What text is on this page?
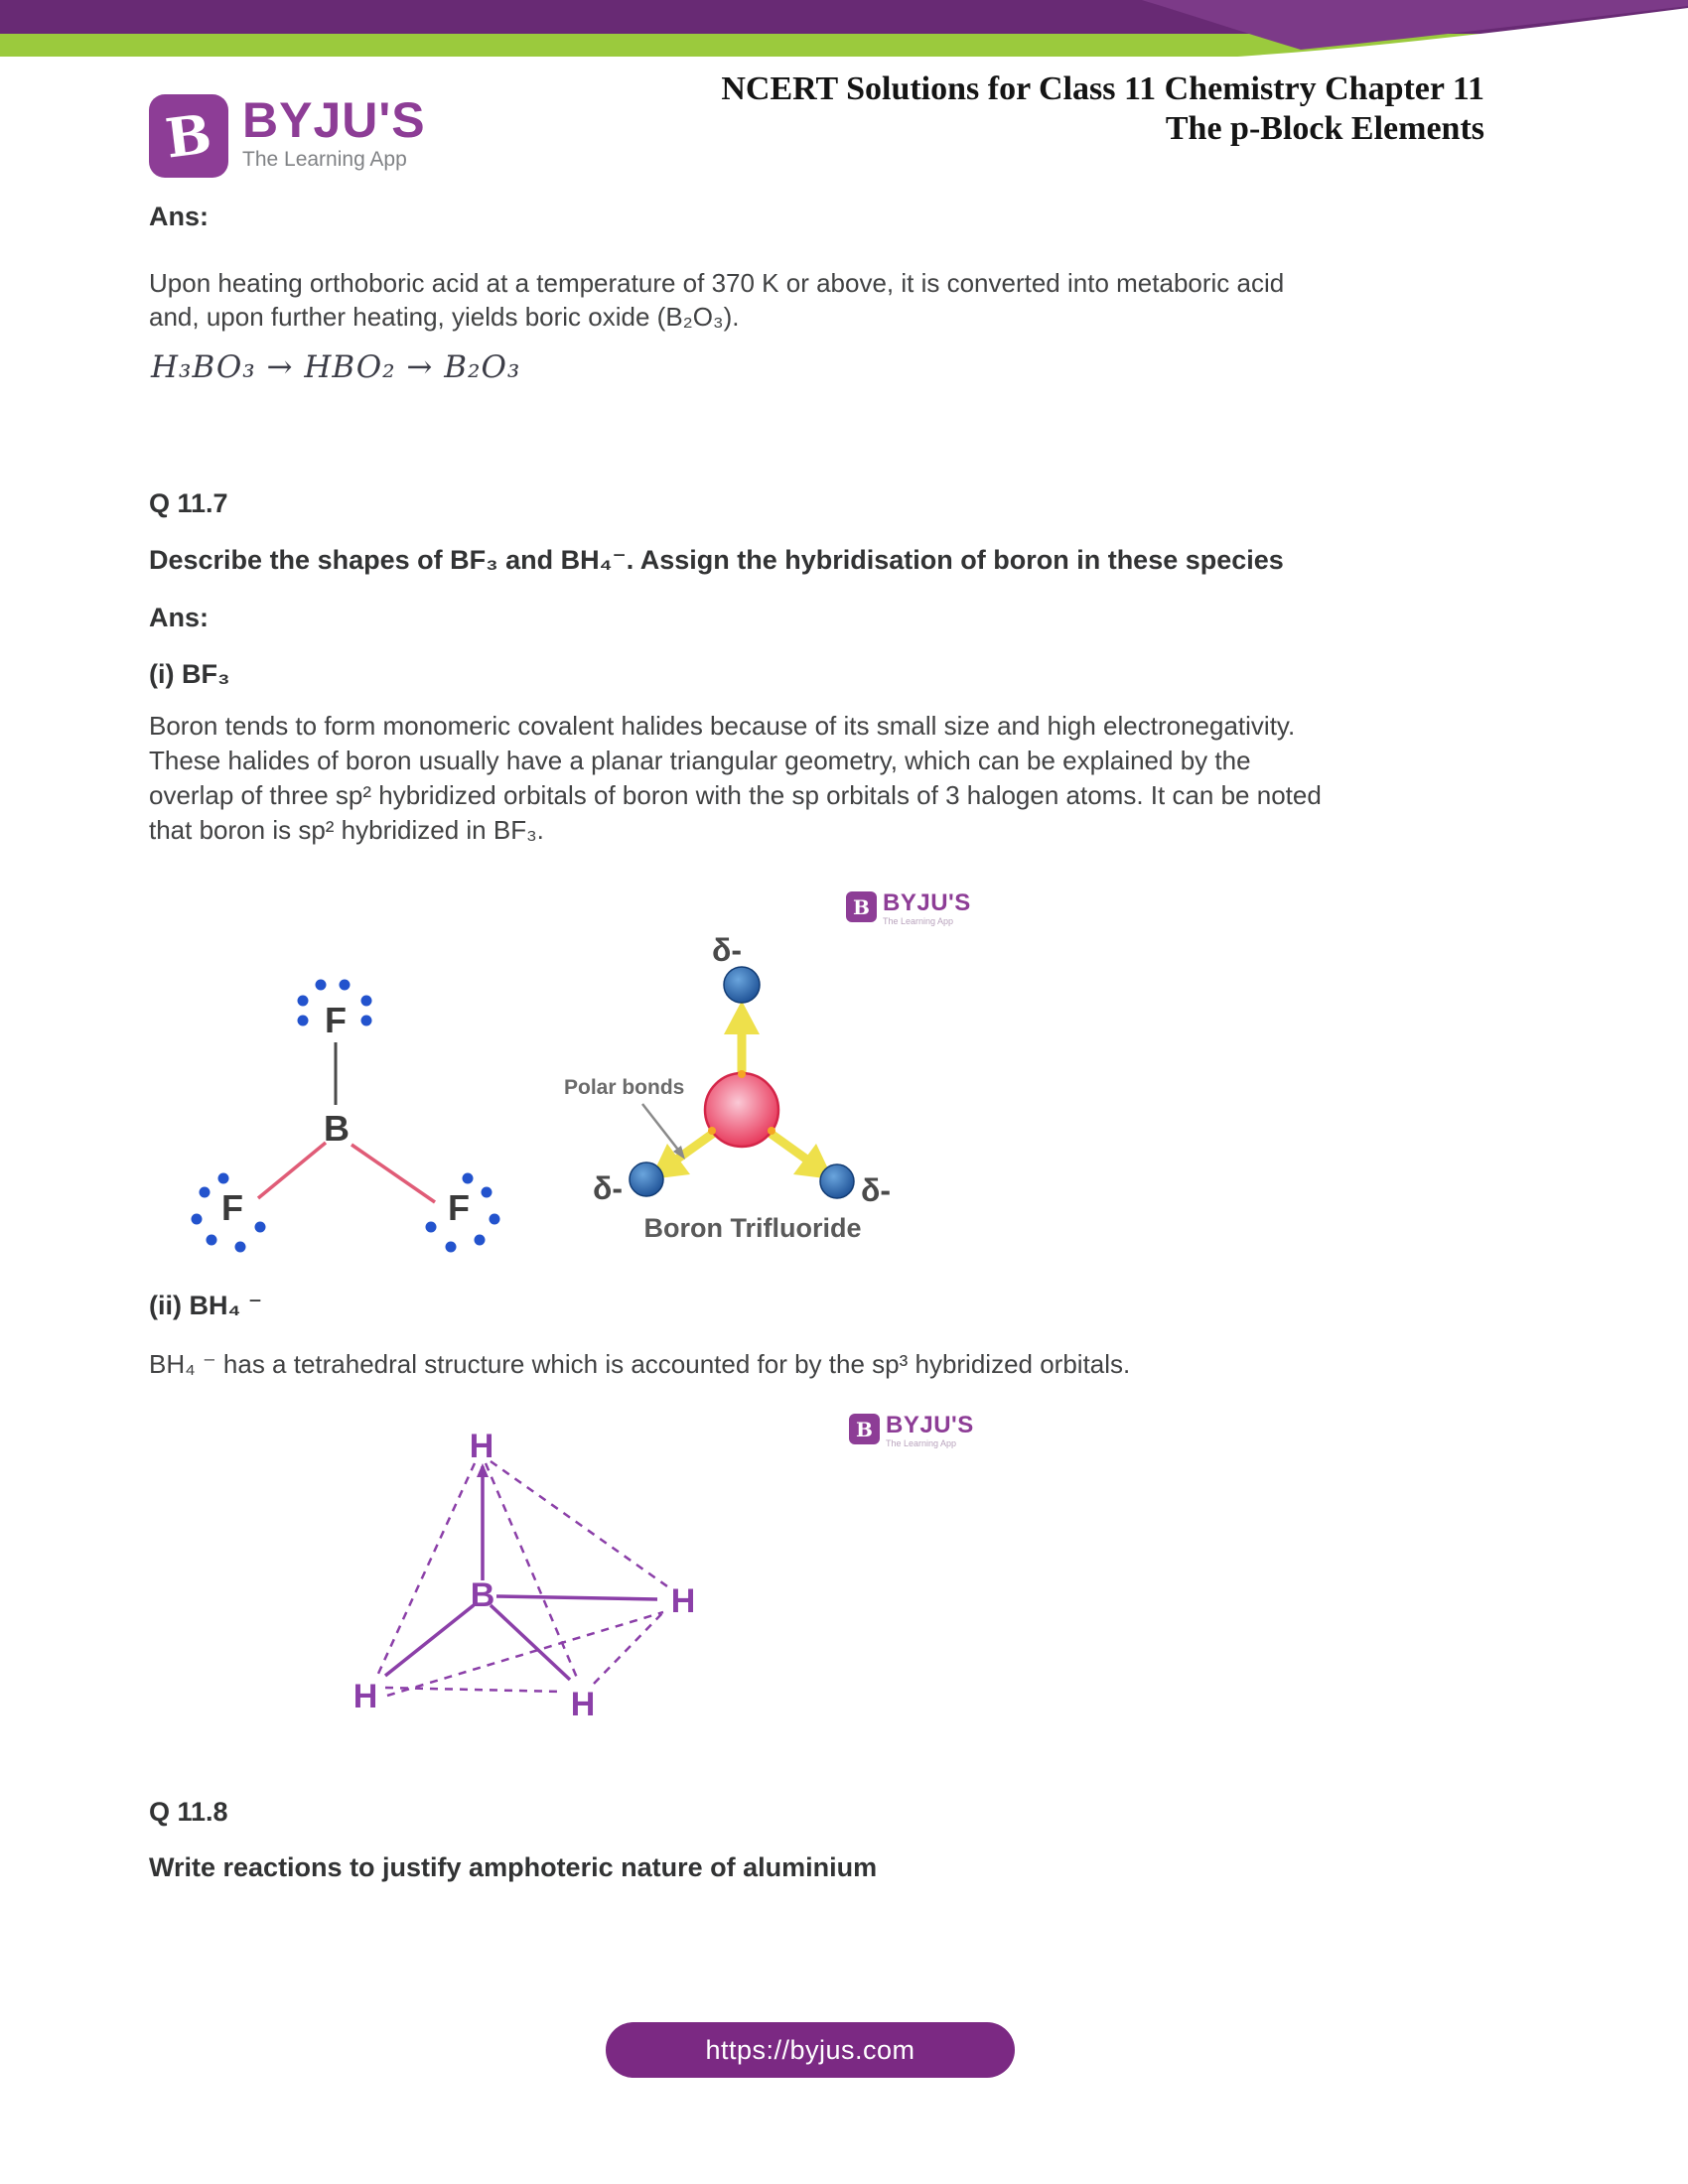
B BYJU'S
The Learning App
NCERT Solutions for Class 11 Chemistry Chapter 11
The p-Block Elements
Ans:
Upon heating orthoboric acid at a temperature of 370 K or above, it is converted into metaboric acid
and, upon further heating, yields boric oxide (B₂O₃).
H₃BO₃ → HBO₂ → B₂O₃
Q 11.7
Describe the shapes of BF₃ and BH₄⁻. Assign the hybridisation of boron in these species
Ans:
(i) BF₃
Boron tends to form monomeric covalent halides because of its small size and high electronegativity.
These halides of boron usually have a planar triangular geometry, which can be explained by the
overlap of three sp² hybridized orbitals of boron with the sp orbitals of 3 halogen atoms. It can be noted
that boron is sp² hybridized in BF₃.
F
B
F	F
δ-
δ-	δ-
Polar bonds
Boron Trifluoride
B BYJU'S
The Learning App
(ii) BH₄ ⁻
BH₄ ⁻ has a tetrahedral structure which is accounted for by the sp³ hybridized orbitals.
B BYJU'S
The Learning App
H
B	H
H	H
Q 11.8
Write reactions to justify amphoteric nature of aluminium
https://byjus.com
